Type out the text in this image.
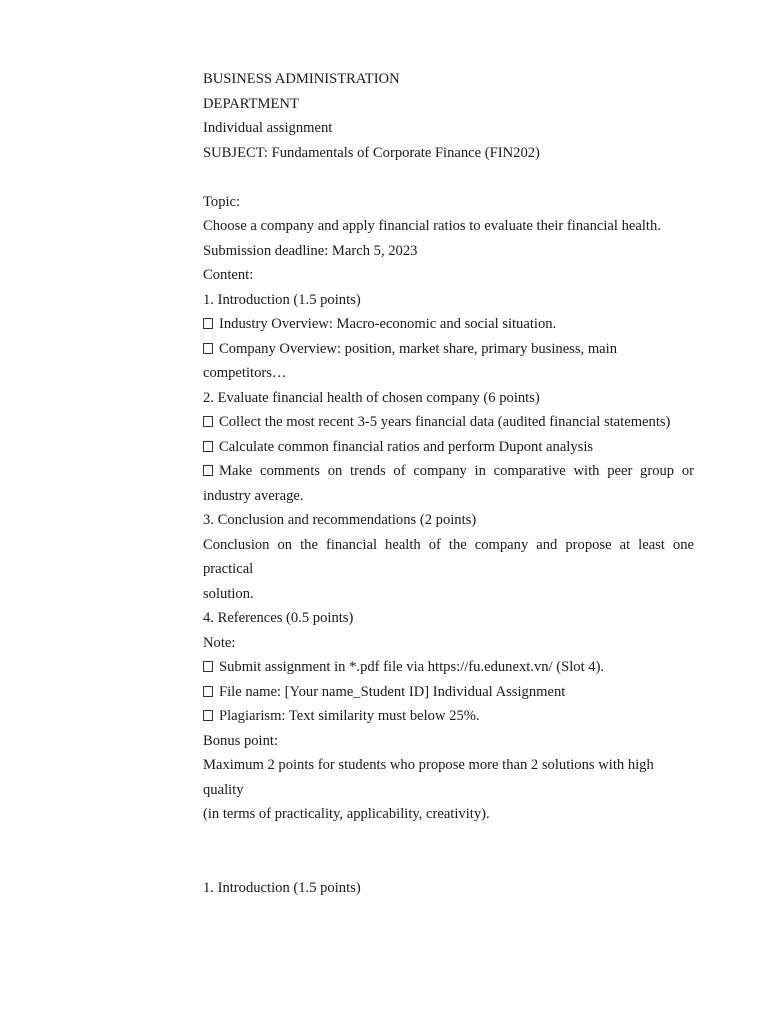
BUSINESS ADMINISTRATION
DEPARTMENT
Individual assignment
SUBJECT: Fundamentals of Corporate Finance (FIN202)
Topic:
Choose a company and apply financial ratios to evaluate their financial health.
Submission deadline: March 5, 2023
Content:
1. Introduction (1.5 points)
Industry Overview: Macro-economic and social situation.
Company Overview: position, market share, primary business, main competitors…
2. Evaluate financial health of chosen company (6 points)
Collect the most recent 3-5 years financial data (audited financial statements)
Calculate common financial ratios and perform Dupont analysis
Make comments on trends of company in comparative with peer group or industry average.
3. Conclusion and recommendations (2 points)
Conclusion on the financial health of the company and propose at least one practical
solution.
4. References (0.5 points)
Note:
Submit assignment in *.pdf file via https://fu.edunext.vn/ (Slot 4).
File name: [Your name_Student ID] Individual Assignment
Plagiarism: Text similarity must below 25%.
Bonus point:
Maximum 2 points for students who propose more than 2 solutions with high quality
(in terms of practicality, applicability, creativity).
1. Introduction (1.5 points)
